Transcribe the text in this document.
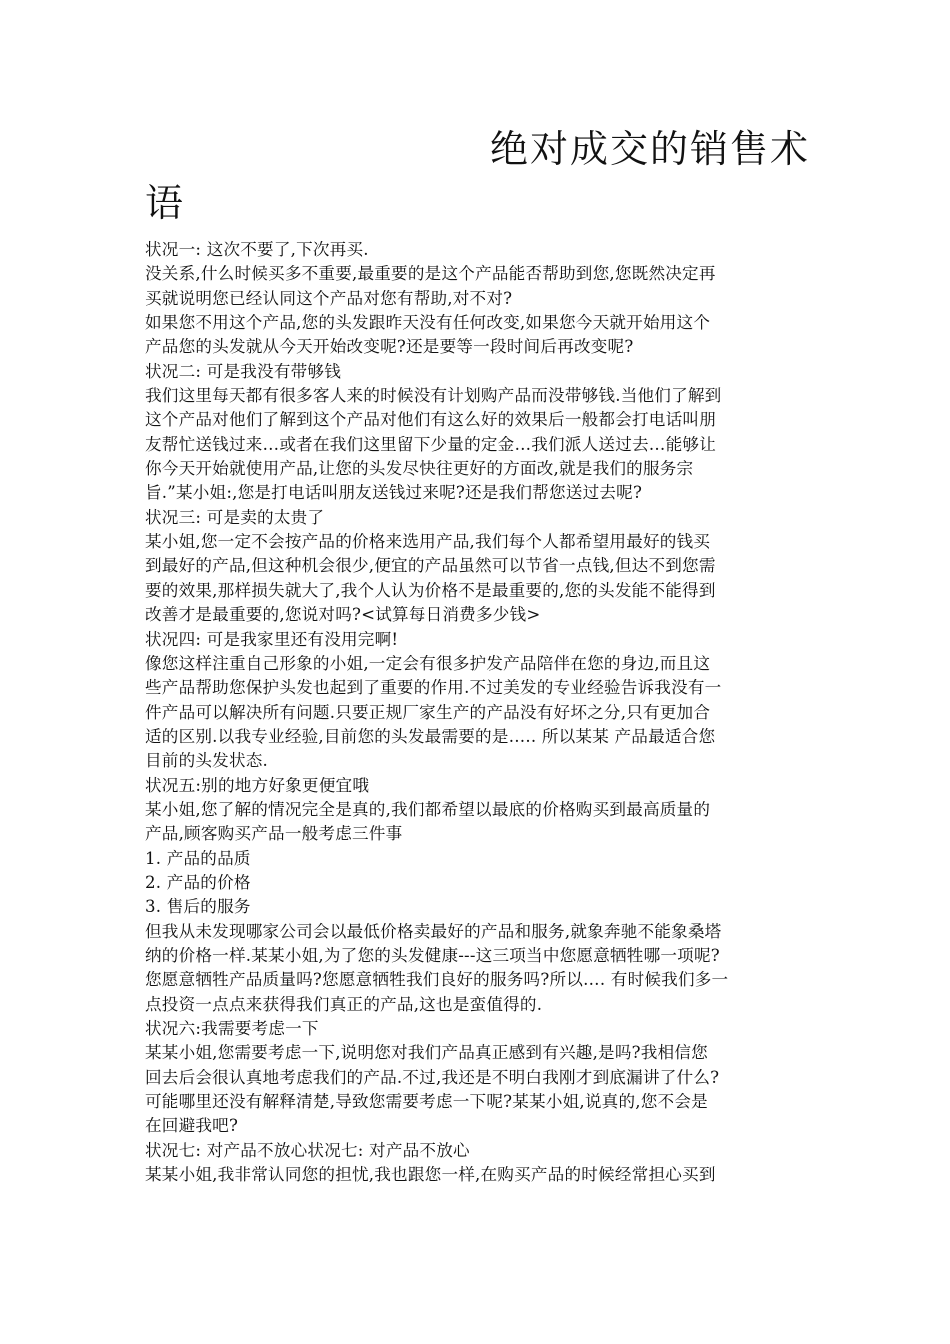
绝对成交的销售术语
状况一: 这次不要了,下次再买.
没关系,什么时候买多不重要,最重要的是这个产品能否帮助到您,您既然决定再
买就说明您已经认同这个产品对您有帮助,对不对?
如果您不用这个产品,您的头发跟昨天没有任何改变,如果您今天就开始用这个
产品您的头发就从今天开始改变呢?还是要等一段时间后再改变呢?
状况二: 可是我没有带够钱
我们这里每天都有很多客人来的时候没有计划购产品而没带够钱.当他们了解到
这个产品对他们了解到这个产品对他们有这么好的效果后一般都会打电话叫朋
友帮忙送钱过来…或者在我们这里留下少量的定金…我们派人送过去…能够让
你今天开始就使用产品,让您的头发尽快往更好的方面改,就是我们的服务宗
旨.”某小姐:,您是打电话叫朋友送钱过来呢?还是我们帮您送过去呢?
状况三: 可是卖的太贵了
某小姐,您一定不会按产品的价格来选用产品,我们每个人都希望用最好的钱买
到最好的产品,但这种机会很少,便宜的产品虽然可以节省一点钱,但达不到您需
要的效果,那样损失就大了,我个人认为价格不是最重要的,您的头发能不能得到
改善才是最重要的,您说对吗?<试算每日消费多少钱>
状况四: 可是我家里还有没用完啊!
像您这样注重自己形象的小姐,一定会有很多护发产品陪伴在您的身边,而且这
些产品帮助您保护头发也起到了重要的作用.不过美发的专业经验告诉我没有一
件产品可以解决所有问题.只要正规厂家生产的产品没有好坏之分,只有更加合
适的区别.以我专业经验,目前您的头发最需要的是….. 所以某某 产品最适合您
目前的头发状态.
状况五:别的地方好象更便宜哦
某小姐,您了解的情况完全是真的,我们都希望以最底的价格购买到最高质量的
产品,顾客购买产品一般考虑三件事
1. 产品的品质
2. 产品的价格
3. 售后的服务
但我从未发现哪家公司会以最低价格卖最好的产品和服务,就象奔驰不能象桑塔
纳的价格一样.某某小姐,为了您的头发健康---这三项当中您愿意牺牲哪一项呢?
您愿意牺牲产品质量吗?您愿意牺牲我们良好的服务吗?所以…. 有时候我们多一
点投资一点点来获得我们真正的产品,这也是蛮值得的.
状况六:我需要考虑一下
某某小姐,您需要考虑一下,说明您对我们产品真正感到有兴趣,是吗?我相信您
回去后会很认真地考虑我们的产品.不过,我还是不明白我刚才到底漏讲了什么?
可能哪里还没有解释清楚,导致您需要考虑一下呢?某某小姐,说真的,您不会是
在回避我吧?
状况七: 对产品不放心状况七: 对产品不放心
某某小姐,我非常认同您的担忧,我也跟您一样,在购买产品的时候经常担心买到
